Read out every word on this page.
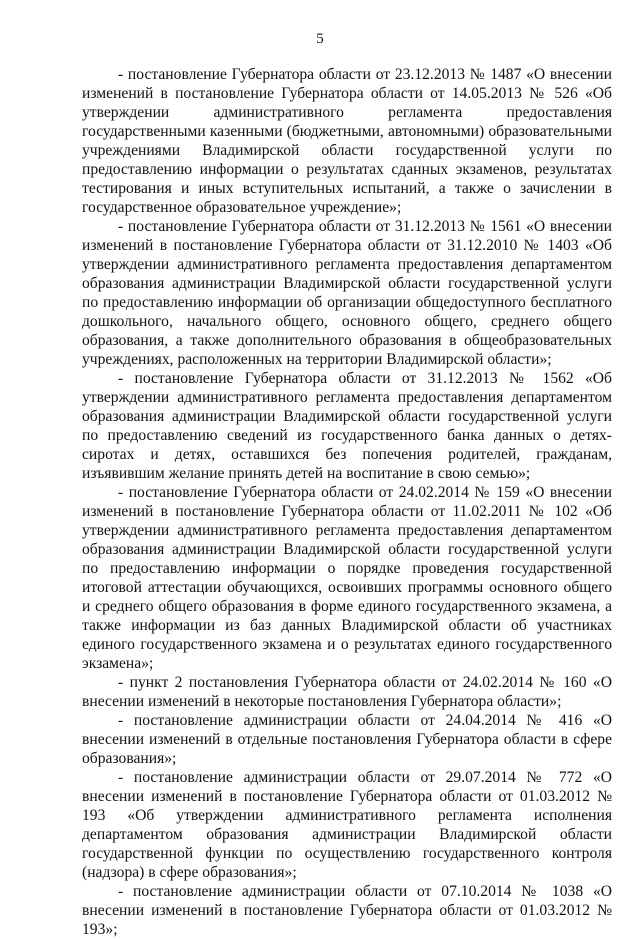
5

- постановление Губернатора области от 23.12.2013 № 1487 «О внесении изменений в постановление Губернатора области от 14.05.2013 № 526 «Об утверждении административного регламента предоставления государственными казенными (бюджетными, автономными) образовательными учреждениями Владимирской области государственной услуги по предоставлению информации о результатах сданных экзаменов, результатах тестирования и иных вступительных испытаний, а также о зачислении в государственное образовательное учреждение»;

- постановление Губернатора области от 31.12.2013 № 1561 «О внесении изменений в постановление Губернатора области от 31.12.2010 № 1403 «Об утверждении административного регламента предоставления департаментом образования администрации Владимирской области государственной услуги по предоставлению информации об организации общедоступного бесплатного дошкольного, начального общего, основного общего, среднего общего образования, а также дополнительного образования в общеобразовательных учреждениях, расположенных на территории Владимирской области»;

- постановление Губернатора области от 31.12.2013 № 1562 «Об утверждении административного регламента предоставления департаментом образования администрации Владимирской области государственной услуги по предоставлению сведений из государственного банка данных о детях-сиротах и детях, оставшихся без попечения родителей, гражданам, изъявившим желание принять детей на воспитание в свою семью»;

- постановление Губернатора области от 24.02.2014 № 159 «О внесении изменений в постановление Губернатора области от 11.02.2011 № 102 «Об утверждении административного регламента предоставления департаментом образования администрации Владимирской области государственной услуги по предоставлению информации о порядке проведения государственной итоговой аттестации обучающихся, освоивших программы основного общего и среднего общего образования в форме единого государственного экзамена, а также информации из баз данных Владимирской области об участниках единого государственного экзамена и о результатах единого государственного экзамена»;

- пункт 2 постановления Губернатора области от 24.02.2014 № 160 «О внесении изменений в некоторые постановления Губернатора области»;

- постановление администрации области от 24.04.2014 № 416 «О внесении изменений в отдельные постановления Губернатора области в сфере образования»;

- постановление администрации области от 29.07.2014 № 772 «О внесении изменений в постановление Губернатора области от 01.03.2012 № 193 «Об утверждении административного регламента исполнения департаментом образования администрации Владимирской области государственной функции по осуществлению государственного контроля (надзора) в сфере образования»;

- постановление администрации области от 07.10.2014 № 1038 «О внесении изменений в постановление Губернатора области от 01.03.2012 № 193»;
